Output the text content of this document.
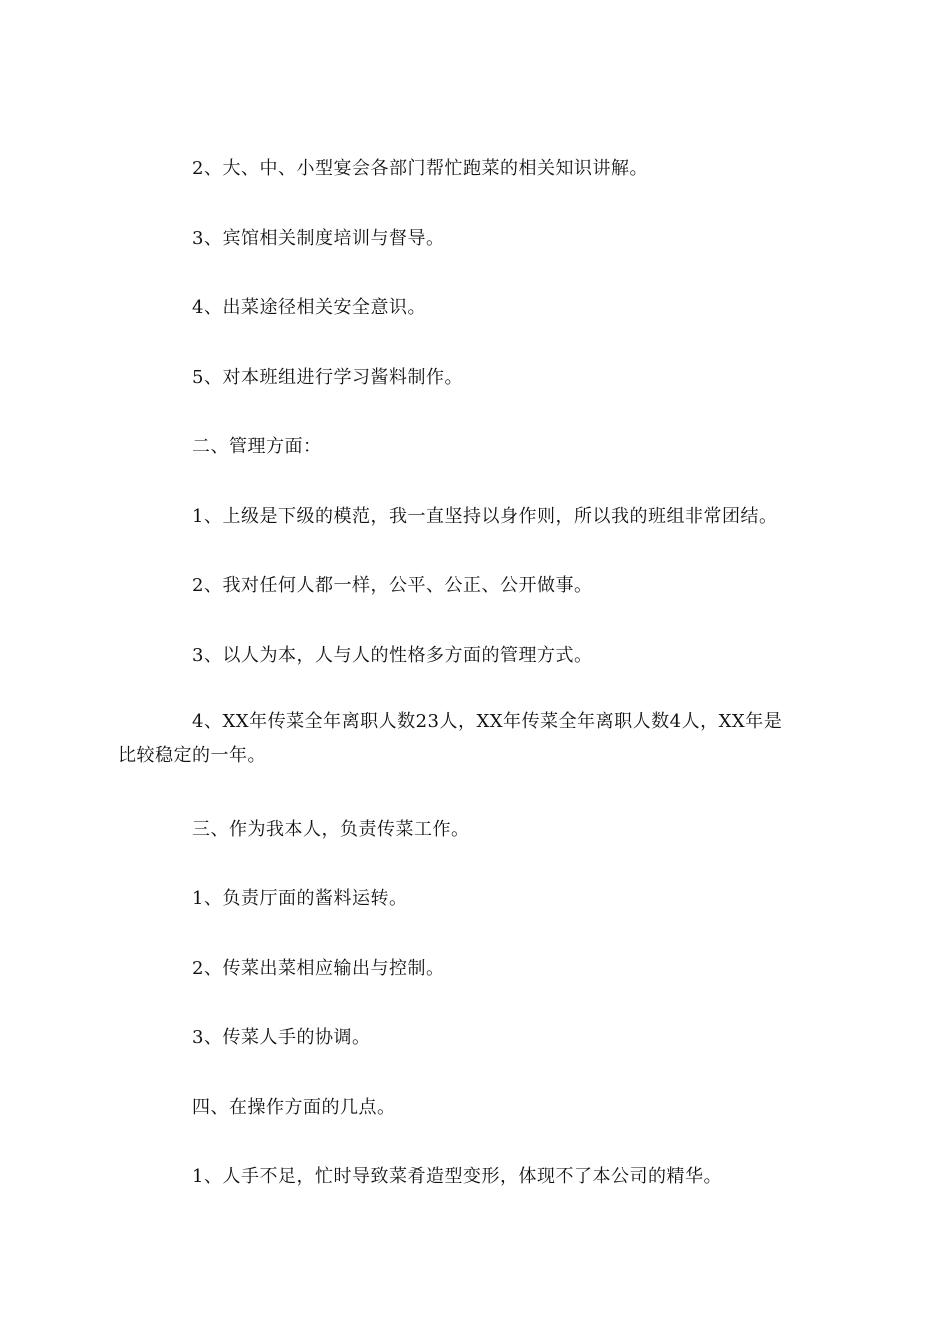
2、大、中、小型宴会各部门帮忙跑菜的相关知识讲解。

3、宾馆相关制度培训与督导。

4、出菜途径相关安全意识。

5、对本班组进行学习酱料制作。

二、管理方面：

1、上级是下级的模范，我一直坚持以身作则，所以我的班组非常团结。

2、我对任何人都一样，公平、公正、公开做事。

3、以人为本，人与人的性格多方面的管理方式。

4、XX年传菜全年离职人数23人，XX年传菜全年离职人数4人，XX年是比较稳定的一年。

三、作为我本人，负责传菜工作。

1、负责厅面的酱料运转。

2、传菜出菜相应输出与控制。

3、传菜人手的协调。

四、在操作方面的几点。

1、人手不足，忙时导致菜肴造型变形，体现不了本公司的精华。
